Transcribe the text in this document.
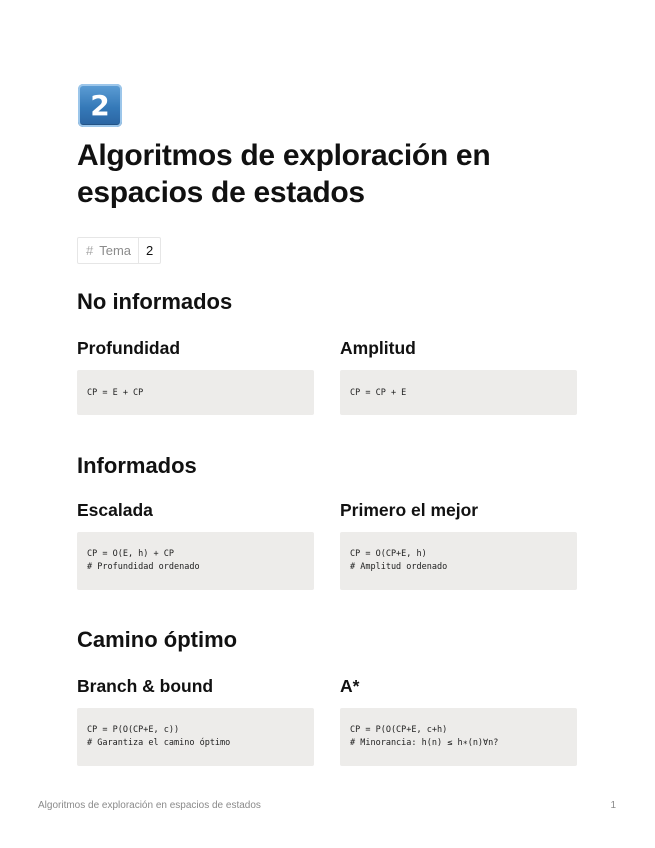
2
Algoritmos de exploración en espacios de estados
# Tema	2
No informados
Profundidad
CP = E + CP
Amplitud
CP = CP + E
Informados
Escalada
CP = O(E, h) + CP
# Profundidad ordenado
Primero el mejor
CP = O(CP+E, h)
# Amplitud ordenado
Camino óptimo
Branch & bound
CP = P(O(CP+E, c))
# Garantiza el camino óptimo
A*
CP = P(O(CP+E, c+h)
# Minorancia: h(n) ≤ h∗(n)∀n?
Algoritmos de exploración en espacios de estados	1
